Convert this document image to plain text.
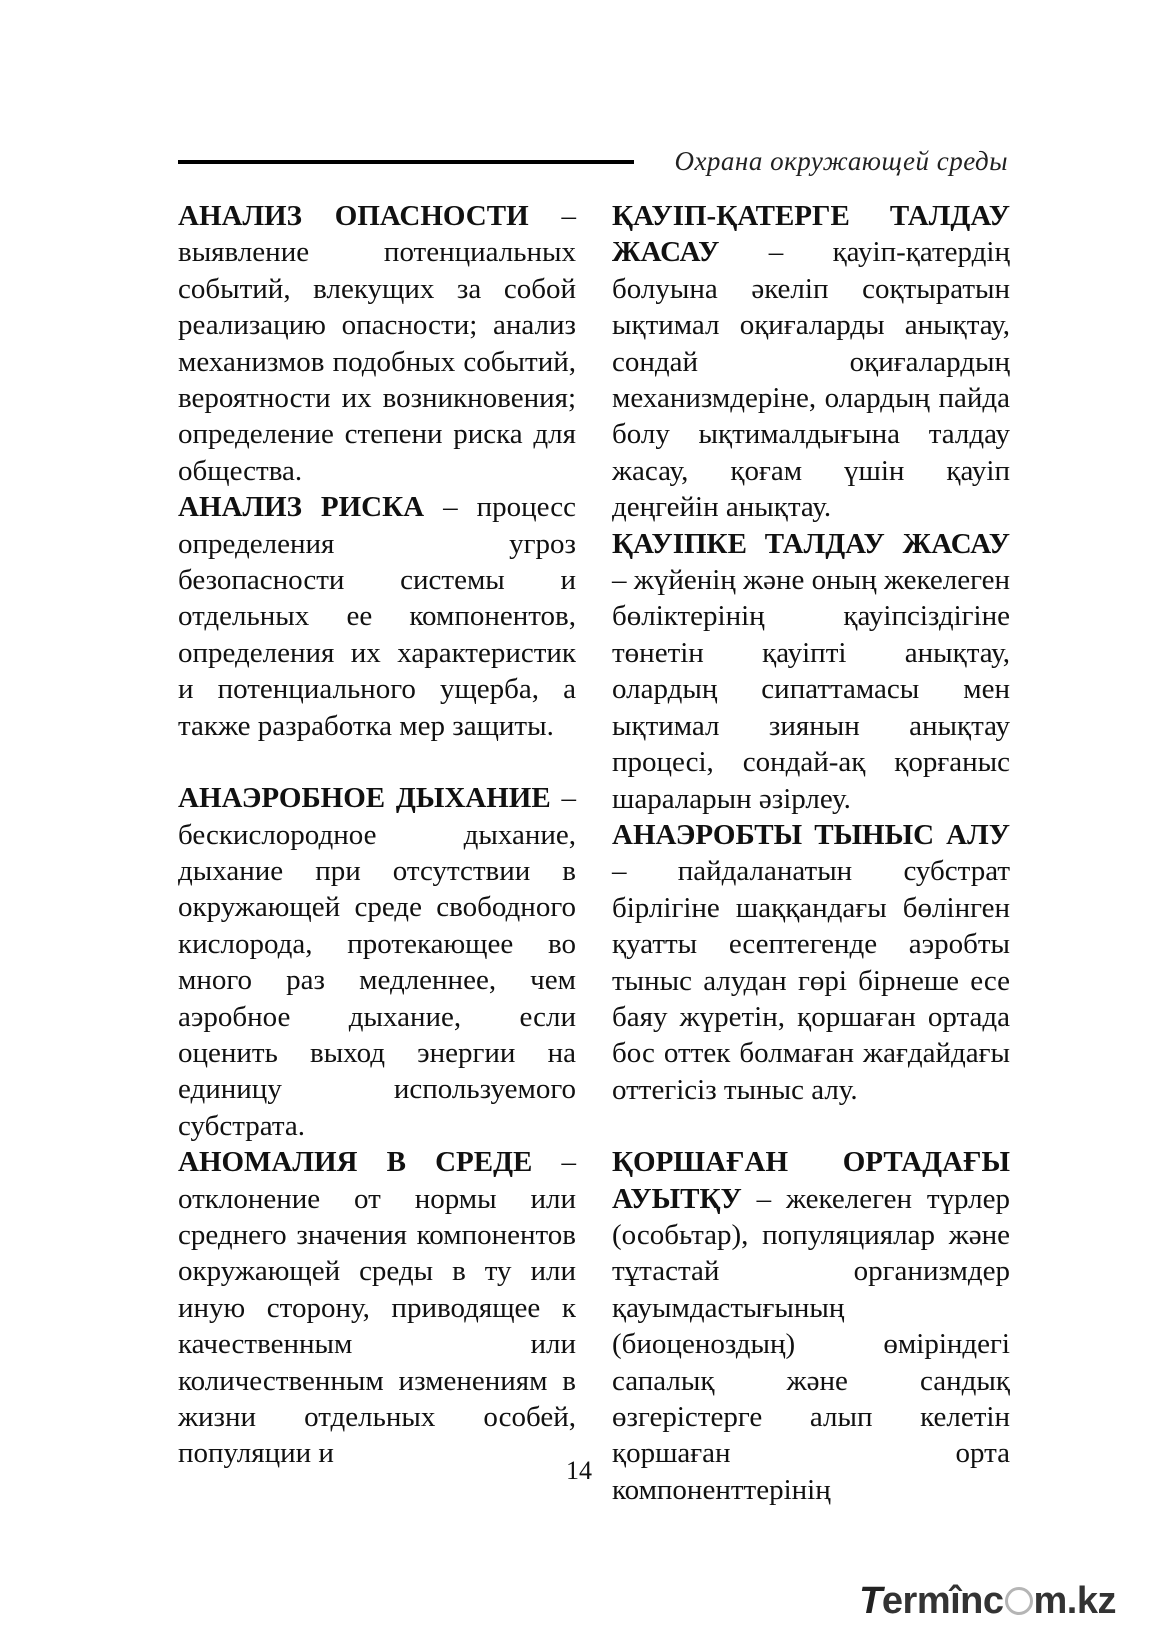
Охрана окружающей среды

АНАЛИЗ ОПАСНОСТИ – выявление потенциальных событий, влекущих за собой реализацию опасности; анализ механизмов подобных событий, вероятности их возникновения; определение степени риска для общества.

АНАЛИЗ РИСКА – процесс определения угроз безопасности системы и отдельных ее компонентов, определения их характеристик и потенциального ущерба, а также разработка мер защиты.

АНАЭРОБНОЕ ДЫХАНИЕ – бескислородное дыхание, дыхание при отсутствии в окружающей среде свободного кислорода, протекающее во много раз медленнее, чем аэробное дыхание, если оценить выход энергии на единицу используемого субстрата.

АНОМАЛИЯ В СРЕДЕ – отклонение от нормы или среднего значения компонентов окружающей среды в ту или иную сторону, приводящее к качественным или количественным изменениям в жизни отдельных особей, популяции и

ҚАУІП-ҚАТЕРГЕ ТАЛДАУ ЖАСАУ – қауіп-қатердің болуына әкеліп соқтыратын ықтимал оқиғаларды анықтау, сондай оқиғалардың механизмдеріне, олардың пайда болу ықтималдығына талдау жасау, қоғам үшін қауіп деңгейін анықтау.

ҚАУІПКЕ ТАЛДАУ ЖАСАУ – жүйенің және оның жекелеген бөліктерінің қауіпсіздігіне төнетін қауіпті анықтау, олардың сипаттамасы мен ықтимал зиянын анықтау процесі, сондай-ақ қорғаныс шараларын әзірлеу.

АНАЭРОБТЫ ТЫНЫС АЛУ – пайдаланатын субстрат бірлігіне шаққандағы бөлінген қуатты есептегенде аэробты тыныс алудан гөрі бірнеше есе баяу жүретін, қоршаған ортада бос оттек болмаған жағдайдағы оттегісіз тыныс алу.

ҚОРШАҒАН ОРТАДАҒЫ АУЫТҚУ – жекелеген түрлер (особьтар), популяциялар және тұтастай организмдер қауымдастығының (биоценоздың) өміріндегі сапалық және сандық өзгерістерге алып келетін қоршаған орта компоненттерінің

14
Termînc m.kz
